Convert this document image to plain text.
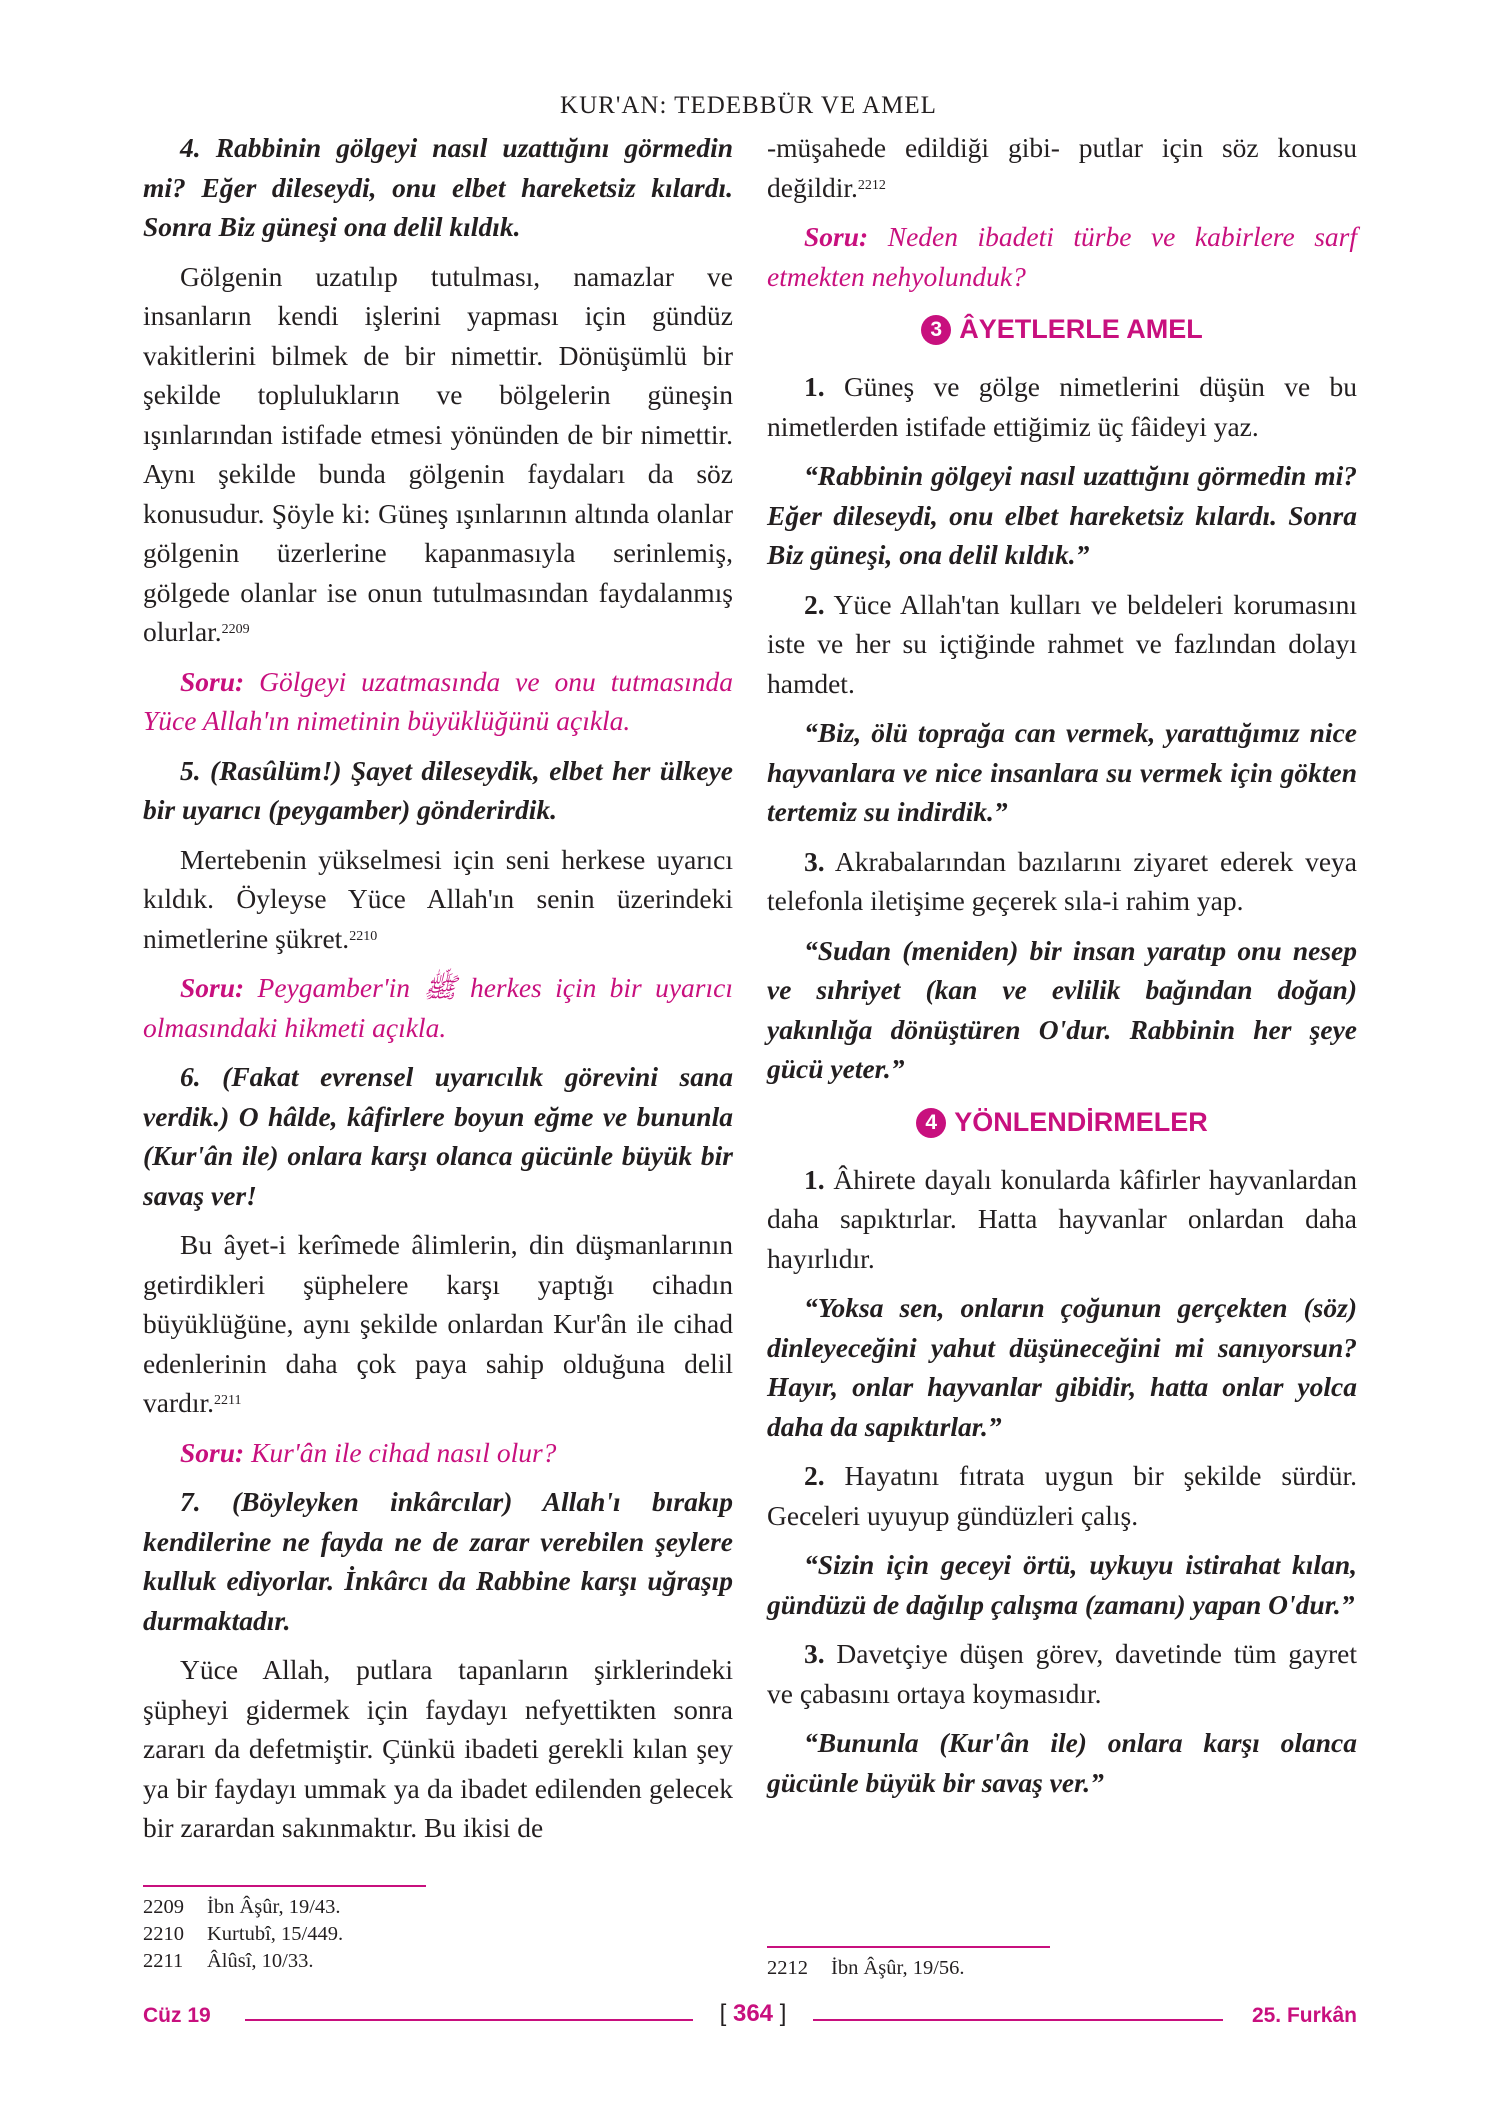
KUR'AN: TEDEBBÜR VE AMEL

4. Rabbinin gölgeyi nasıl uzattığını görmedin mi? Eğer dileseydi, onu elbet hareketsiz kılardı. Sonra Biz güneşi ona delil kıldık.

Gölgenin uzatılıp tutulması, namazlar ve insanların kendi işlerini yapması için gündüz vakitlerini bilmek de bir nimettir. Dönüşümlü bir şekilde toplulukların ve bölgelerin güneşin ışınlarından istifade etmesi yönünden de bir nimettir. Aynı şekilde bunda gölgenin faydaları da söz konusudur. Şöyle ki: Güneş ışınlarının altında olanlar gölgenin üzerlerine kapanmasıyla serinlemiş, gölgede olanlar ise onun tutulmasından faydalanmış olurlar.$^{2209}$

Soru: Gölgeyi uzatmasında ve onu tutmasında Yüce Allah'ın nimetinin büyüklüğünü açıkla.

5. (Rasûlüm!) Şayet dileseydik, elbet her ülkeye bir uyarıcı (peygamber) gönderirdik.

Mertebenin yükselmesi için seni herkese uyarıcı kıldık. Öyleyse Yüce Allah'ın senin üzerindeki nimetlerine şükret.$^{2210}$

Soru: Peygamber'in ﷺ herkes için bir uyarıcı olmasındaki hikmeti açıkla.

6. (Fakat evrensel uyarıcılık görevini sana verdik.) O hâlde, kâfirlere boyun eğme ve bununla (Kur'ân ile) onlara karşı olanca gücünle büyük bir savaş ver!

Bu âyet-i kerîmede âlimlerin, din düşmanlarının getirdikleri şüphelere karşı yaptığı cihadın büyüklüğüne, aynı şekilde onlardan Kur'ân ile cihad edenlerinin daha çok paya sahip olduğuna delil vardır.$^{2211}$

Soru: Kur'ân ile cihad nasıl olur?

7. (Böyleyken inkârcılar) Allah'ı bırakıp kendilerine ne fayda ne de zarar verebilen şeylere kulluk ediyorlar. İnkârcı da Rabbine karşı uğraşıp durmaktadır.

Yüce Allah, putlara tapanların şirklerindeki şüpheyi gidermek için faydayı nefyettikten sonra zararı da defetmiştir. Çünkü ibadeti gerekli kılan şey ya bir faydayı ummak ya da ibadet edilenden gelecek bir zarardan sakınmaktır. Bu ikisi de

2209 İbn Âşûr, 19/43.
2210 Kurtubî, 15/449.
2211 Âlûsî, 10/33.

-müşahede edildiği gibi- putlar için söz konusu değildir.$^{2212}$

Soru: Neden ibadeti türbe ve kabirlere sarf etmekten nehyolunduk?

3 ÂYETLERLE AMEL

1. Güneş ve gölge nimetlerini düşün ve bu nimetlerden istifade ettiğimiz üç fâideyi yaz.

“Rabbinin gölgeyi nasıl uzattığını görmedin mi? Eğer dileseydi, onu elbet hareketsiz kılardı. Sonra Biz güneşi, ona delil kıldık.”

2. Yüce Allah'tan kulları ve beldeleri korumasını iste ve her su içtiğinde rahmet ve fazlından dolayı hamdet.

“Biz, ölü toprağa can vermek, yarattığımız nice hayvanlara ve nice insanlara su vermek için gökten tertemiz su indirdik.”

3. Akrabalarından bazılarını ziyaret ederek veya telefonla iletişime geçerek sıla-i rahim yap.

“Sudan (meniden) bir insan yaratıp onu nesep ve sıhriyet (kan ve evlilik bağından doğan) yakınlığa dönüştüren O'dur. Rabbinin her şeye gücü yeter.”

4 YÖNLENDİRMELER

1. Âhirete dayalı konularda kâfirler hayvanlardan daha sapıktırlar. Hatta hayvanlar onlardan daha hayırlıdır.

“Yoksa sen, onların çoğunun gerçekten (söz) dinleyeceğini yahut düşüneceğini mi sanıyorsun? Hayır, onlar hayvanlar gibidir, hatta onlar yolca daha da sapıktırlar.”

2. Hayatını fıtrata uygun bir şekilde sürdür. Geceleri uyuyup gündüzleri çalış.

“Sizin için geceyi örtü, uykuyu istirahat kılan, gündüzü de dağılıp çalışma (zamanı) yapan O'dur.”

3. Davetçiye düşen görev, davetinde tüm gayret ve çabasını ortaya koymasıdır.

“Bununla (Kur'ân ile) onlara karşı olanca gücünle büyük bir savaş ver.”

2212 İbn Âşûr, 19/56.
Cüz 19	[ 364 ]	25. Furkân
